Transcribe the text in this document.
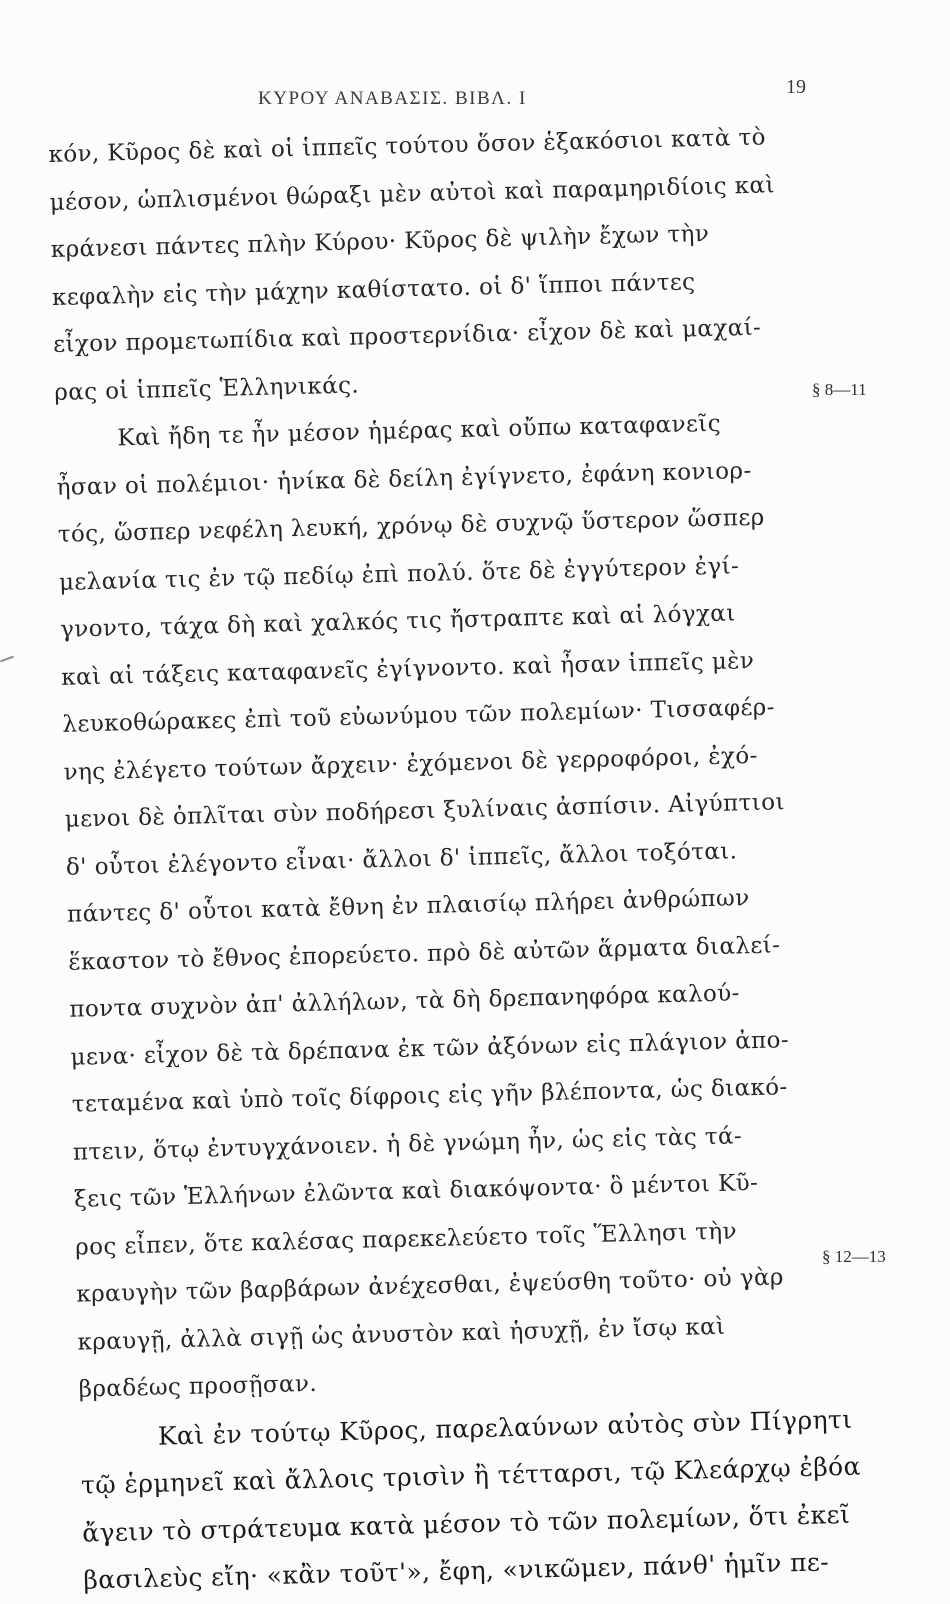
ΚΥΡΟΥ ΑΝΑΒΑΣΙΣ. ΒΙΒΛ. Ι
19
κόν, Κῦρος δὲ καὶ οἱ ἱππεῖς τούτου ὅσον ἑξακόσιοι κατὰ τὸ
μέσον, ὡπλισμένοι θώραξι μὲν αὐτοὶ καὶ παραμηριδίοις καὶ
κράνεσι πάντες πλὴν Κύρου· Κῦρος δὲ ψιλὴν ἔχων τὴν
κεφαλὴν εἰς τὴν μάχην καθίστατο. οἱ δ' ἵπποι πάντες
εἶχον προμετωπίδια καὶ προστερνίδια· εἶχον δὲ καὶ μαχαί-
ρας οἱ ἱππεῖς Ἑλληνικάς.
Καὶ ἤδη τε ἦν μέσον ἡμέρας καὶ οὔπω καταφανεῖς
ἦσαν οἱ πολέμιοι· ἡνίκα δὲ δείλη ἐγίγνετο, ἐφάνη κονιορ-
τός, ὥσπερ νεφέλη λευκή, χρόνῳ δὲ συχνῷ ὕστερον ὥσπερ
μελανία τις ἐν τῷ πεδίῳ ἐπὶ πολύ. ὅτε δὲ ἐγγύτερον ἐγί-
γνοντο, τάχα δὴ καὶ χαλκός τις ἤστραπτε καὶ αἱ λόγχαι
καὶ αἱ τάξεις καταφανεῖς ἐγίγνοντο. καὶ ἦσαν ἱππεῖς μὲν
λευκοθώρακες ἐπὶ τοῦ εὐωνύμου τῶν πολεμίων· Τισσαφέρ-
νης ἐλέγετο τούτων ἄρχειν· ἐχόμενοι δὲ γερροφόροι, ἐχό-
μενοι δὲ ὁπλῖται σὺν ποδήρεσι ξυλίναις ἀσπίσιν. Αἰγύπτιοι
δ' οὗτοι ἐλέγοντο εἶναι· ἄλλοι δ' ἱππεῖς, ἄλλοι τοξόται.
πάντες δ' οὗτοι κατὰ ἔθνη ἐν πλαισίῳ πλήρει ἀνθρώπων
ἕκαστον τὸ ἔθνος ἐπορεύετο. πρὸ δὲ αὐτῶν ἅρματα διαλεί-
ποντα συχνὸν ἀπ' ἀλλήλων, τὰ δὴ δρεπανηφόρα καλού-
μενα· εἶχον δὲ τὰ δρέπανα ἐκ τῶν ἀξόνων εἰς πλάγιον ἀπο-
τεταμένα καὶ ὑπὸ τοῖς δίφροις εἰς γῆν βλέποντα, ὡς διακό-
πτειν, ὅτῳ ἐντυγχάνοιεν. ἡ δὲ γνώμη ἦν, ὡς εἰς τὰς τά-
ξεις τῶν Ἑλλήνων ἐλῶντα καὶ διακόψοντα· ὃ μέντοι Κῦ-
ρος εἶπεν, ὅτε καλέσας παρεκελεύετο τοῖς Ἕλλησι τὴν
κραυγὴν τῶν βαρβάρων ἀνέχεσθαι, ἐψεύσθη τοῦτο· οὐ γὰρ
κραυγῇ, ἀλλὰ σιγῇ ὡς ἀνυστὸν καὶ ἡσυχῇ, ἐν ἴσῳ καὶ
βραδέως προσῇσαν.
Καὶ ἐν τούτῳ Κῦρος, παρελαύνων αὐτὸς σὺν Πίγρητι
τῷ ἑρμηνεῖ καὶ ἄλλοις τρισὶν ἢ τέτταρσι, τῷ Κλεάρχῳ ἐβόα
ἄγειν τὸ στράτευμα κατὰ μέσον τὸ τῶν πολεμίων, ὅτι ἐκεῖ
βασιλεὺς εἴη· «κἂν τοῦτ'», ἔφη, «νικῶμεν, πάνθ' ἡμῖν πε-
§ 8—11
§ 12—13
